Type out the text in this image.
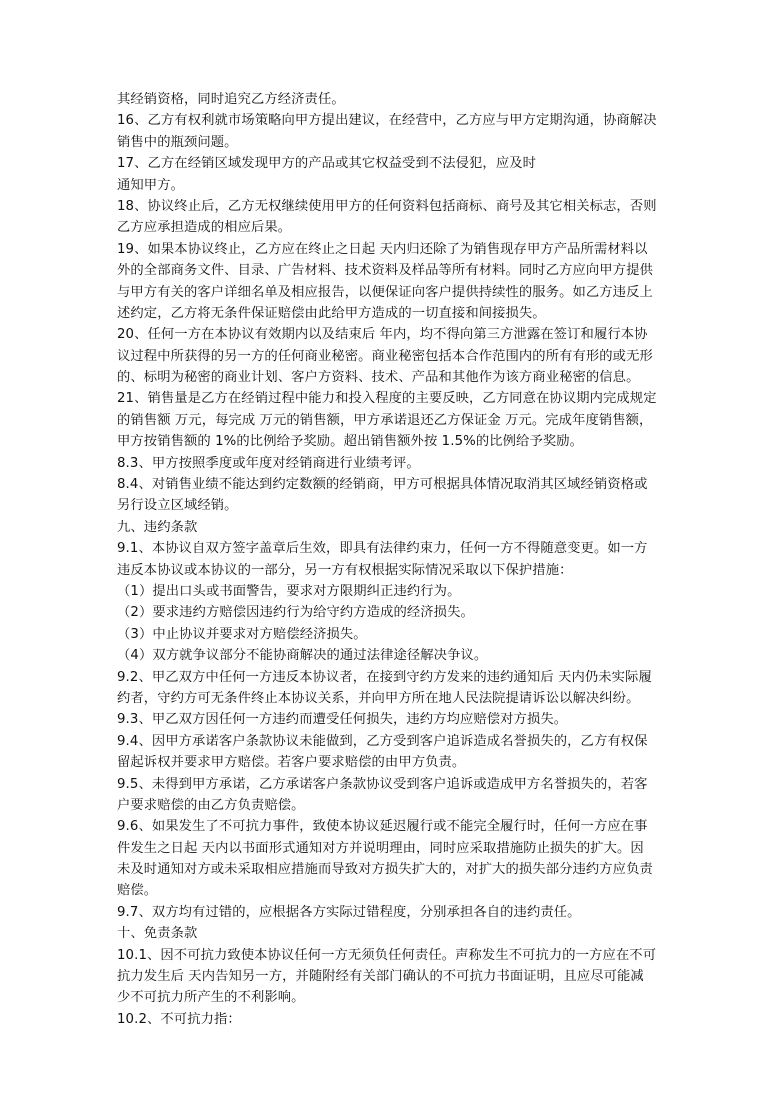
其经销资格，同时追究乙方经济责任。
16、乙方有权利就市场策略向甲方提出建议，在经营中，乙方应与甲方定期沟通，协商解决
销售中的瓶颈问题。
17、乙方在经销区域发现甲方的产品或其它权益受到不法侵犯，应及时
通知甲方。
18、协议终止后，乙方无权继续使用甲方的任何资料包括商标、商号及其它相关标志，否则
乙方应承担造成的相应后果。
19、如果本协议终止，乙方应在终止之日起 天内归还除了为销售现存甲方产品所需材料以
外的全部商务文件、目录、广告材料、技术资料及样品等所有材料。同时乙方应向甲方提供
与甲方有关的客户详细名单及相应报告，以便保证向客户提供持续性的服务。如乙方违反上
述约定，乙方将无条件保证赔偿由此给甲方造成的一切直接和间接损失。
20、任何一方在本协议有效期内以及结束后 年内，均不得向第三方泄露在签订和履行本协
议过程中所获得的另一方的任何商业秘密。商业秘密包括本合作范围内的所有有形的或无形
的、标明为秘密的商业计划、客户方资料、技术、产品和其他作为该方商业秘密的信息。
21、销售量是乙方在经销过程中能力和投入程度的主要反映，乙方同意在协议期内完成规定
的销售额 万元，每完成 万元的销售额，甲方承诺退还乙方保证金 万元。完成年度销售额，
甲方按销售额的 1%的比例给予奖励。超出销售额外按 1.5%的比例给予奖励。
8.3、甲方按照季度或年度对经销商进行业绩考评。
8.4、对销售业绩不能达到约定数额的经销商，甲方可根据具体情况取消其区域经销资格或
另行设立区域经销。
九、违约条款
9.1、本协议自双方签字盖章后生效，即具有法律约束力，任何一方不得随意变更。如一方
违反本协议或本协议的一部分，另一方有权根据实际情况采取以下保护措施：
（1）提出口头或书面警告，要求对方限期纠正违约行为。
（2）要求违约方赔偿因违约行为给守约方造成的经济损失。
（3）中止协议并要求对方赔偿经济损失。
（4）双方就争议部分不能协商解决的通过法律途径解决争议。
9.2、甲乙双方中任何一方违反本协议者，在接到守约方发来的违约通知后 天内仍未实际履
约者，守约方可无条件终止本协议关系，并向甲方所在地人民法院提请诉讼以解决纠纷。
9.3、甲乙双方因任何一方违约而遭受任何损失，违约方均应赔偿对方损失。
9.4、因甲方承诺客户条款协议未能做到，乙方受到客户追诉造成名誉损失的，乙方有权保
留起诉权并要求甲方赔偿。若客户要求赔偿的由甲方负责。
9.5、未得到甲方承诺，乙方承诺客户条款协议受到客户追诉或造成甲方名誉损失的，若客
户要求赔偿的由乙方负责赔偿。
9.6、如果发生了不可抗力事件，致使本协议延迟履行或不能完全履行时，任何一方应在事
件发生之日起 天内以书面形式通知对方并说明理由，同时应采取措施防止损失的扩大。因
未及时通知对方或未采取相应措施而导致对方损失扩大的，对扩大的损失部分违约方应负责
赔偿。
9.7、双方均有过错的，应根据各方实际过错程度，分别承担各自的违约责任。
十、免责条款
10.1、因不可抗力致使本协议任何一方无须负任何责任。声称发生不可抗力的一方应在不可
抗力发生后 天内告知另一方，并随附经有关部门确认的不可抗力书面证明，且应尽可能减
少不可抗力所产生的不利影响。
10.2、不可抗力指：
